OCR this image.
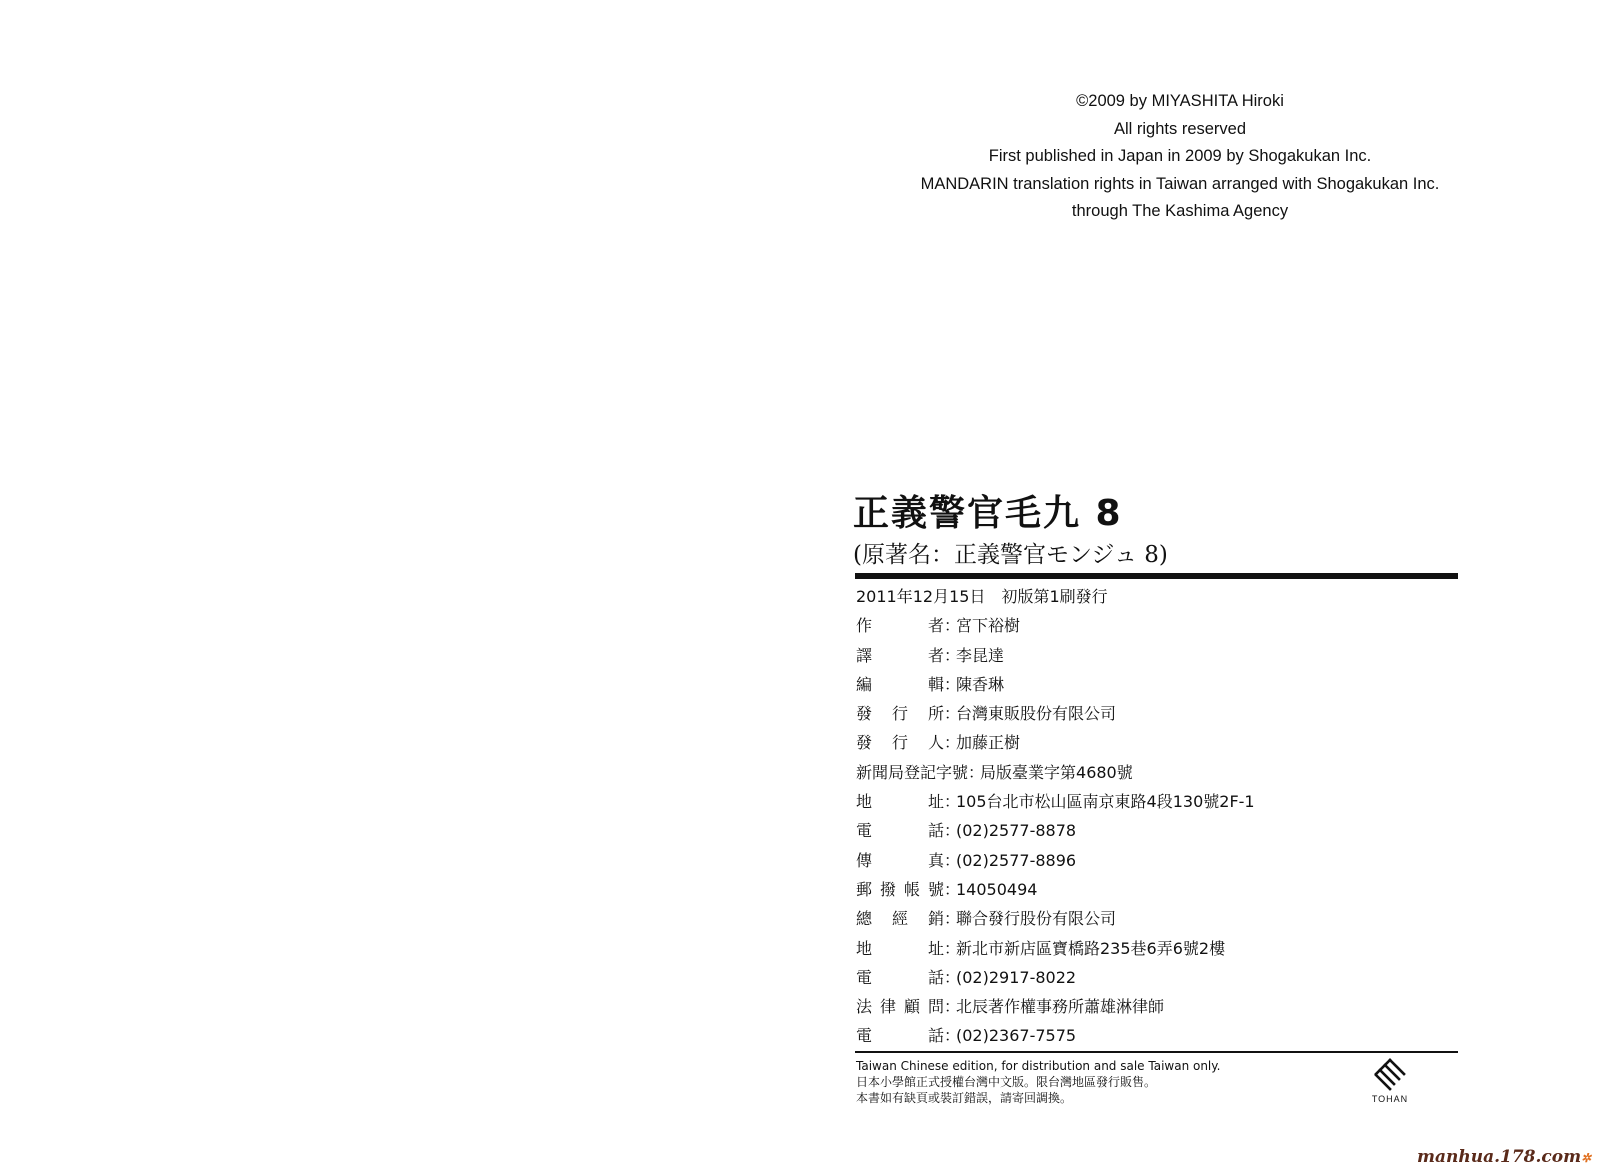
©2009 by MIYASHITA Hiroki
All rights reserved
First published in Japan in 2009 by Shogakukan Inc.
MANDARIN translation rights in Taiwan arranged with Shogakukan Inc.
through The Kashima Agency
正義警官毛九 8
(原著名：正義警官モンジュ 8)
2011年12月15日　初版第1刷發行
作者 ：
宮下裕樹
譯者 ：
李昆達
編輯 ：
陳香琳
發行所 ：
台灣東販股份有限公司
發行人 ：
加藤正樹
新聞局登記字號 ：
局版臺業字第4680號
地址 ：
105台北市松山區南京東路4段130號2F-1
電話 ：
(02)2577-8878
傳真 ：
(02)2577-8896
郵撥帳號 ：
14050494
總經銷 ：
聯合發行股份有限公司
地址 ：
新北市新店區寶橋路235巷6弄6號2樓
電話 ：
(02)2917-8022
法律顧問 ：
北辰著作權事務所蕭雄淋律師
電話 ：
(02)2367-7575
Taiwan Chinese edition, for distribution and sale Taiwan only.
日本小學館正式授權台灣中文版。限台灣地區發行販售。
本書如有缺頁或裝訂錯誤，請寄回調換。	TOHAN
manhua.178.com✲
